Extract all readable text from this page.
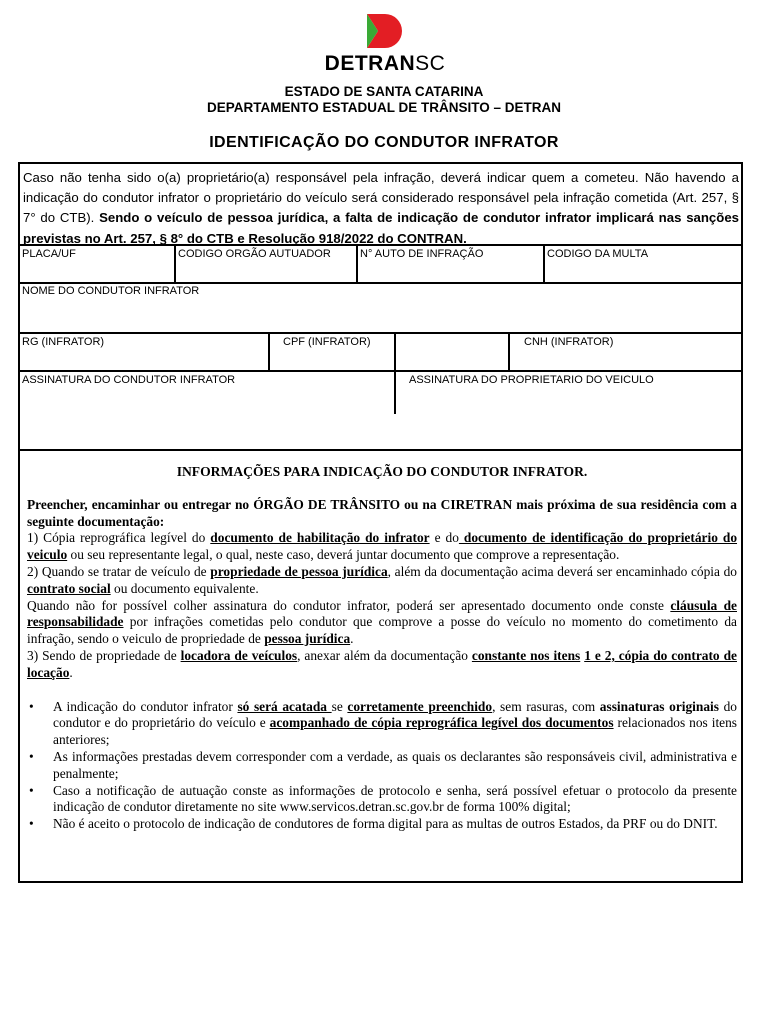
DETRANSC
ESTADO DE SANTA CATARINA
DEPARTAMENTO ESTADUAL DE TRÂNSITO – DETRAN
IDENTIFICAÇÃO DO CONDUTOR INFRATOR
Caso não tenha sido o(a) proprietário(a) responsável pela infração, deverá indicar quem a cometeu. Não havendo a indicação do condutor infrator o proprietário do veículo será considerado responsável pela infração cometida (Art. 257, § 7° do CTB). Sendo o veículo de pessoa jurídica, a falta de indicação de condutor infrator implicará nas sanções previstas no Art. 257, § 8° do CTB e Resolução 918/2022 do CONTRAN.
PLACA/UF	CODIGO ORGÃO AUTUADOR	N° AUTO DE INFRAÇÃO	CODIGO DA MULTA
NOME DO CONDUTOR INFRATOR
RG (INFRATOR)	CPF (INFRATOR)	CNH (INFRATOR)
ASSINATURA DO CONDUTOR INFRATOR	ASSINATURA DO PROPRIETARIO DO VEICULO
INFORMAÇÕES PARA INDICAÇÃO DO CONDUTOR INFRATOR.

Preencher, encaminhar ou entregar no ÓRGÃO DE TRÂNSITO ou na CIRETRAN mais próxima de sua residência com a seguinte documentação:

1) Cópia reprográfica legível do documento de habilitação do infrator e do documento de identificação do proprietário do veiculo ou seu representante legal, o qual, neste caso, deverá juntar documento que comprove a representação.

2) Quando se tratar de veículo de propriedade de pessoa jurídica, além da documentação acima deverá ser encaminhado cópia do contrato social ou documento equivalente.

Quando não for possível colher assinatura do condutor infrator, poderá ser apresentado documento onde conste cláusula de responsabilidade por infrações cometidas pelo condutor que comprove a posse do veículo no momento do cometimento da infração, sendo o veiculo de propriedade de pessoa jurídica.

3) Sendo de propriedade de locadora de veículos, anexar além da documentação constante nos itens 1 e 2, cópia do contrato de locação.

• A indicação do condutor infrator só será acatada se corretamente preenchido, sem rasuras, com assinaturas originais do condutor e do proprietário do veículo e acompanhado de cópia reprográfica legível dos documentos relacionados nos itens anteriores;
• As informações prestadas devem corresponder com a verdade, as quais os declarantes são responsáveis civil, administrativa e penalmente;
• Caso a notificação de autuação conste as informações de protocolo e senha, será possível efetuar o protocolo da presente indicação de condutor diretamente no site www.servicos.detran.sc.gov.br de forma 100% digital;
• Não é aceito o protocolo de indicação de condutores de forma digital para as multas de outros Estados, da PRF ou do DNIT.
